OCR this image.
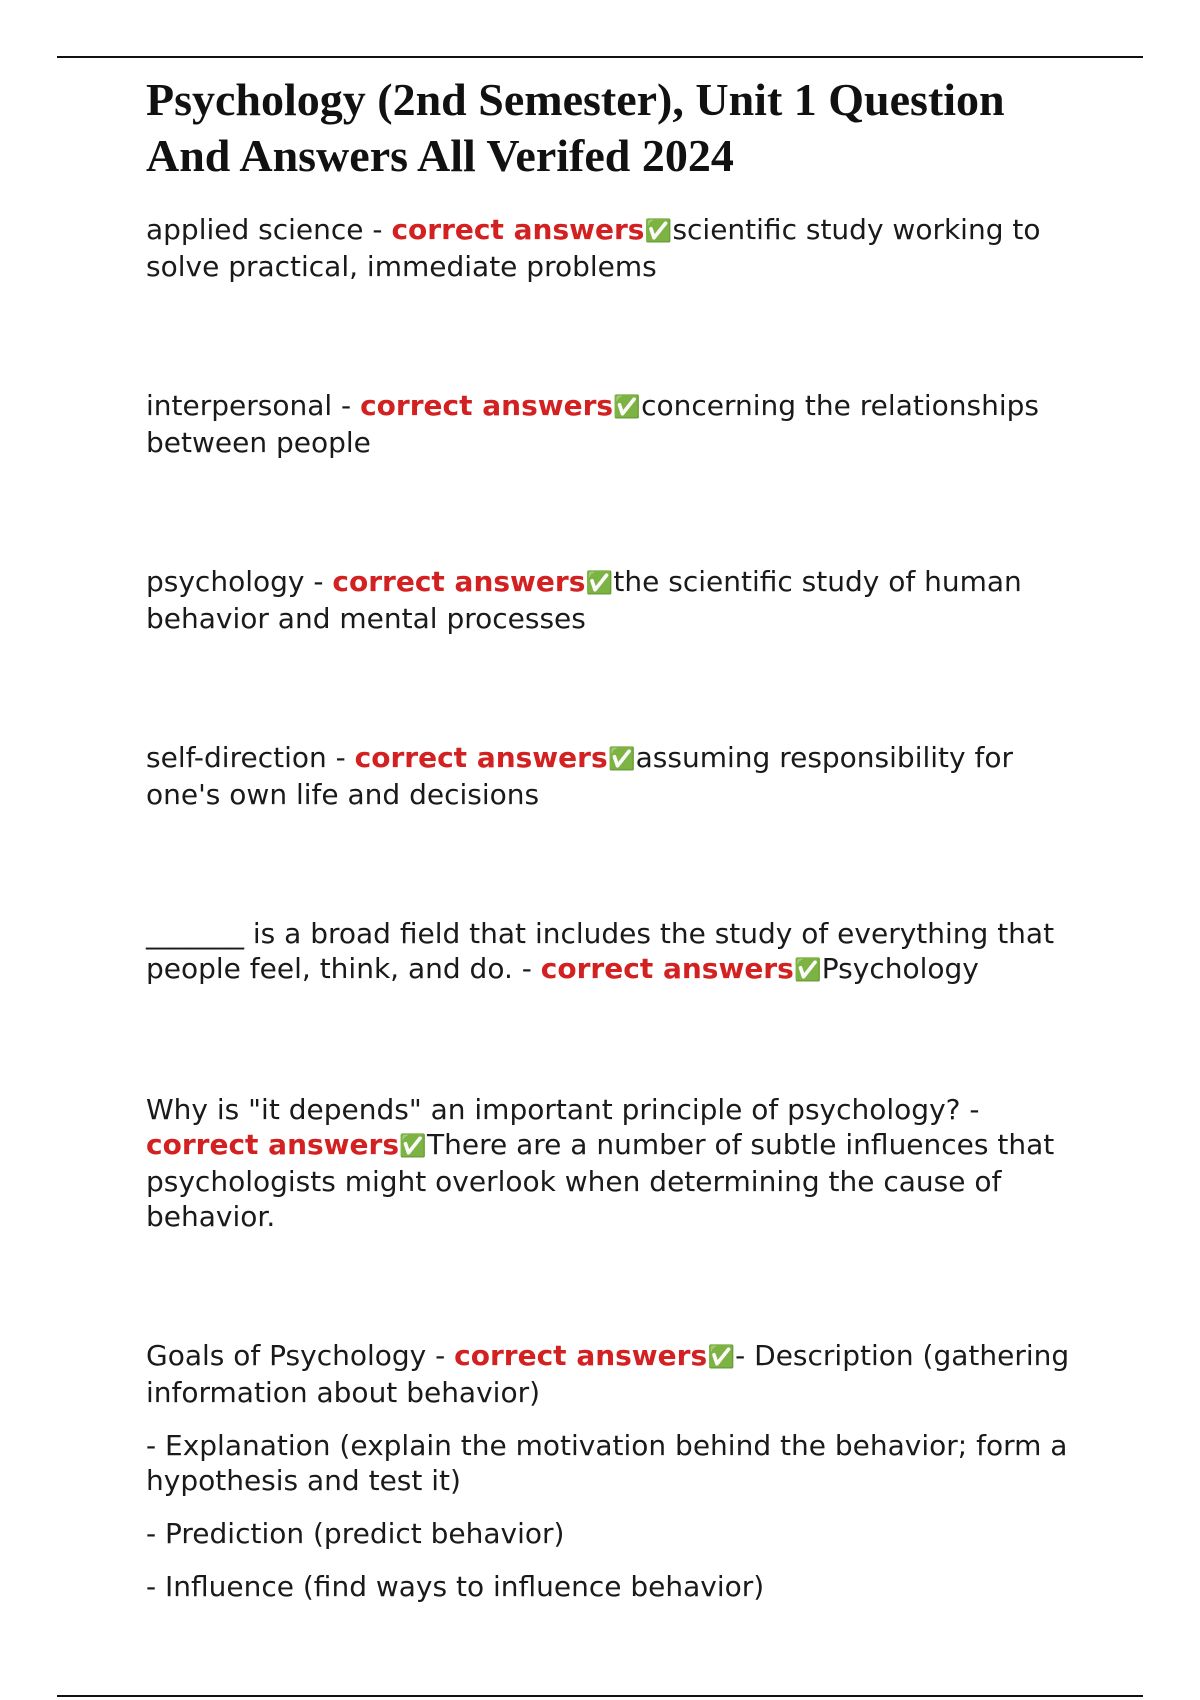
Psychology (2nd Semester), Unit 1 Question And Answers All Verifed 2024

applied science - correct answers✅scientific study working to solve practical, immediate problems

interpersonal - correct answers✅concerning the relationships between people

psychology - correct answers✅the scientific study of human behavior and mental processes

self-direction - correct answers✅assuming responsibility for one's own life and decisions

_______ is a broad field that includes the study of everything that people feel, think, and do. - correct answers✅Psychology

Why is "it depends" an important principle of psychology? - correct answers✅There are a number of subtle influences that psychologists might overlook when determining the cause of behavior.

Goals of Psychology - correct answers✅- Description (gathering information about behavior)

- Explanation (explain the motivation behind the behavior; form a hypothesis and test it)

- Prediction (predict behavior)

- Influence (find ways to influence behavior)
